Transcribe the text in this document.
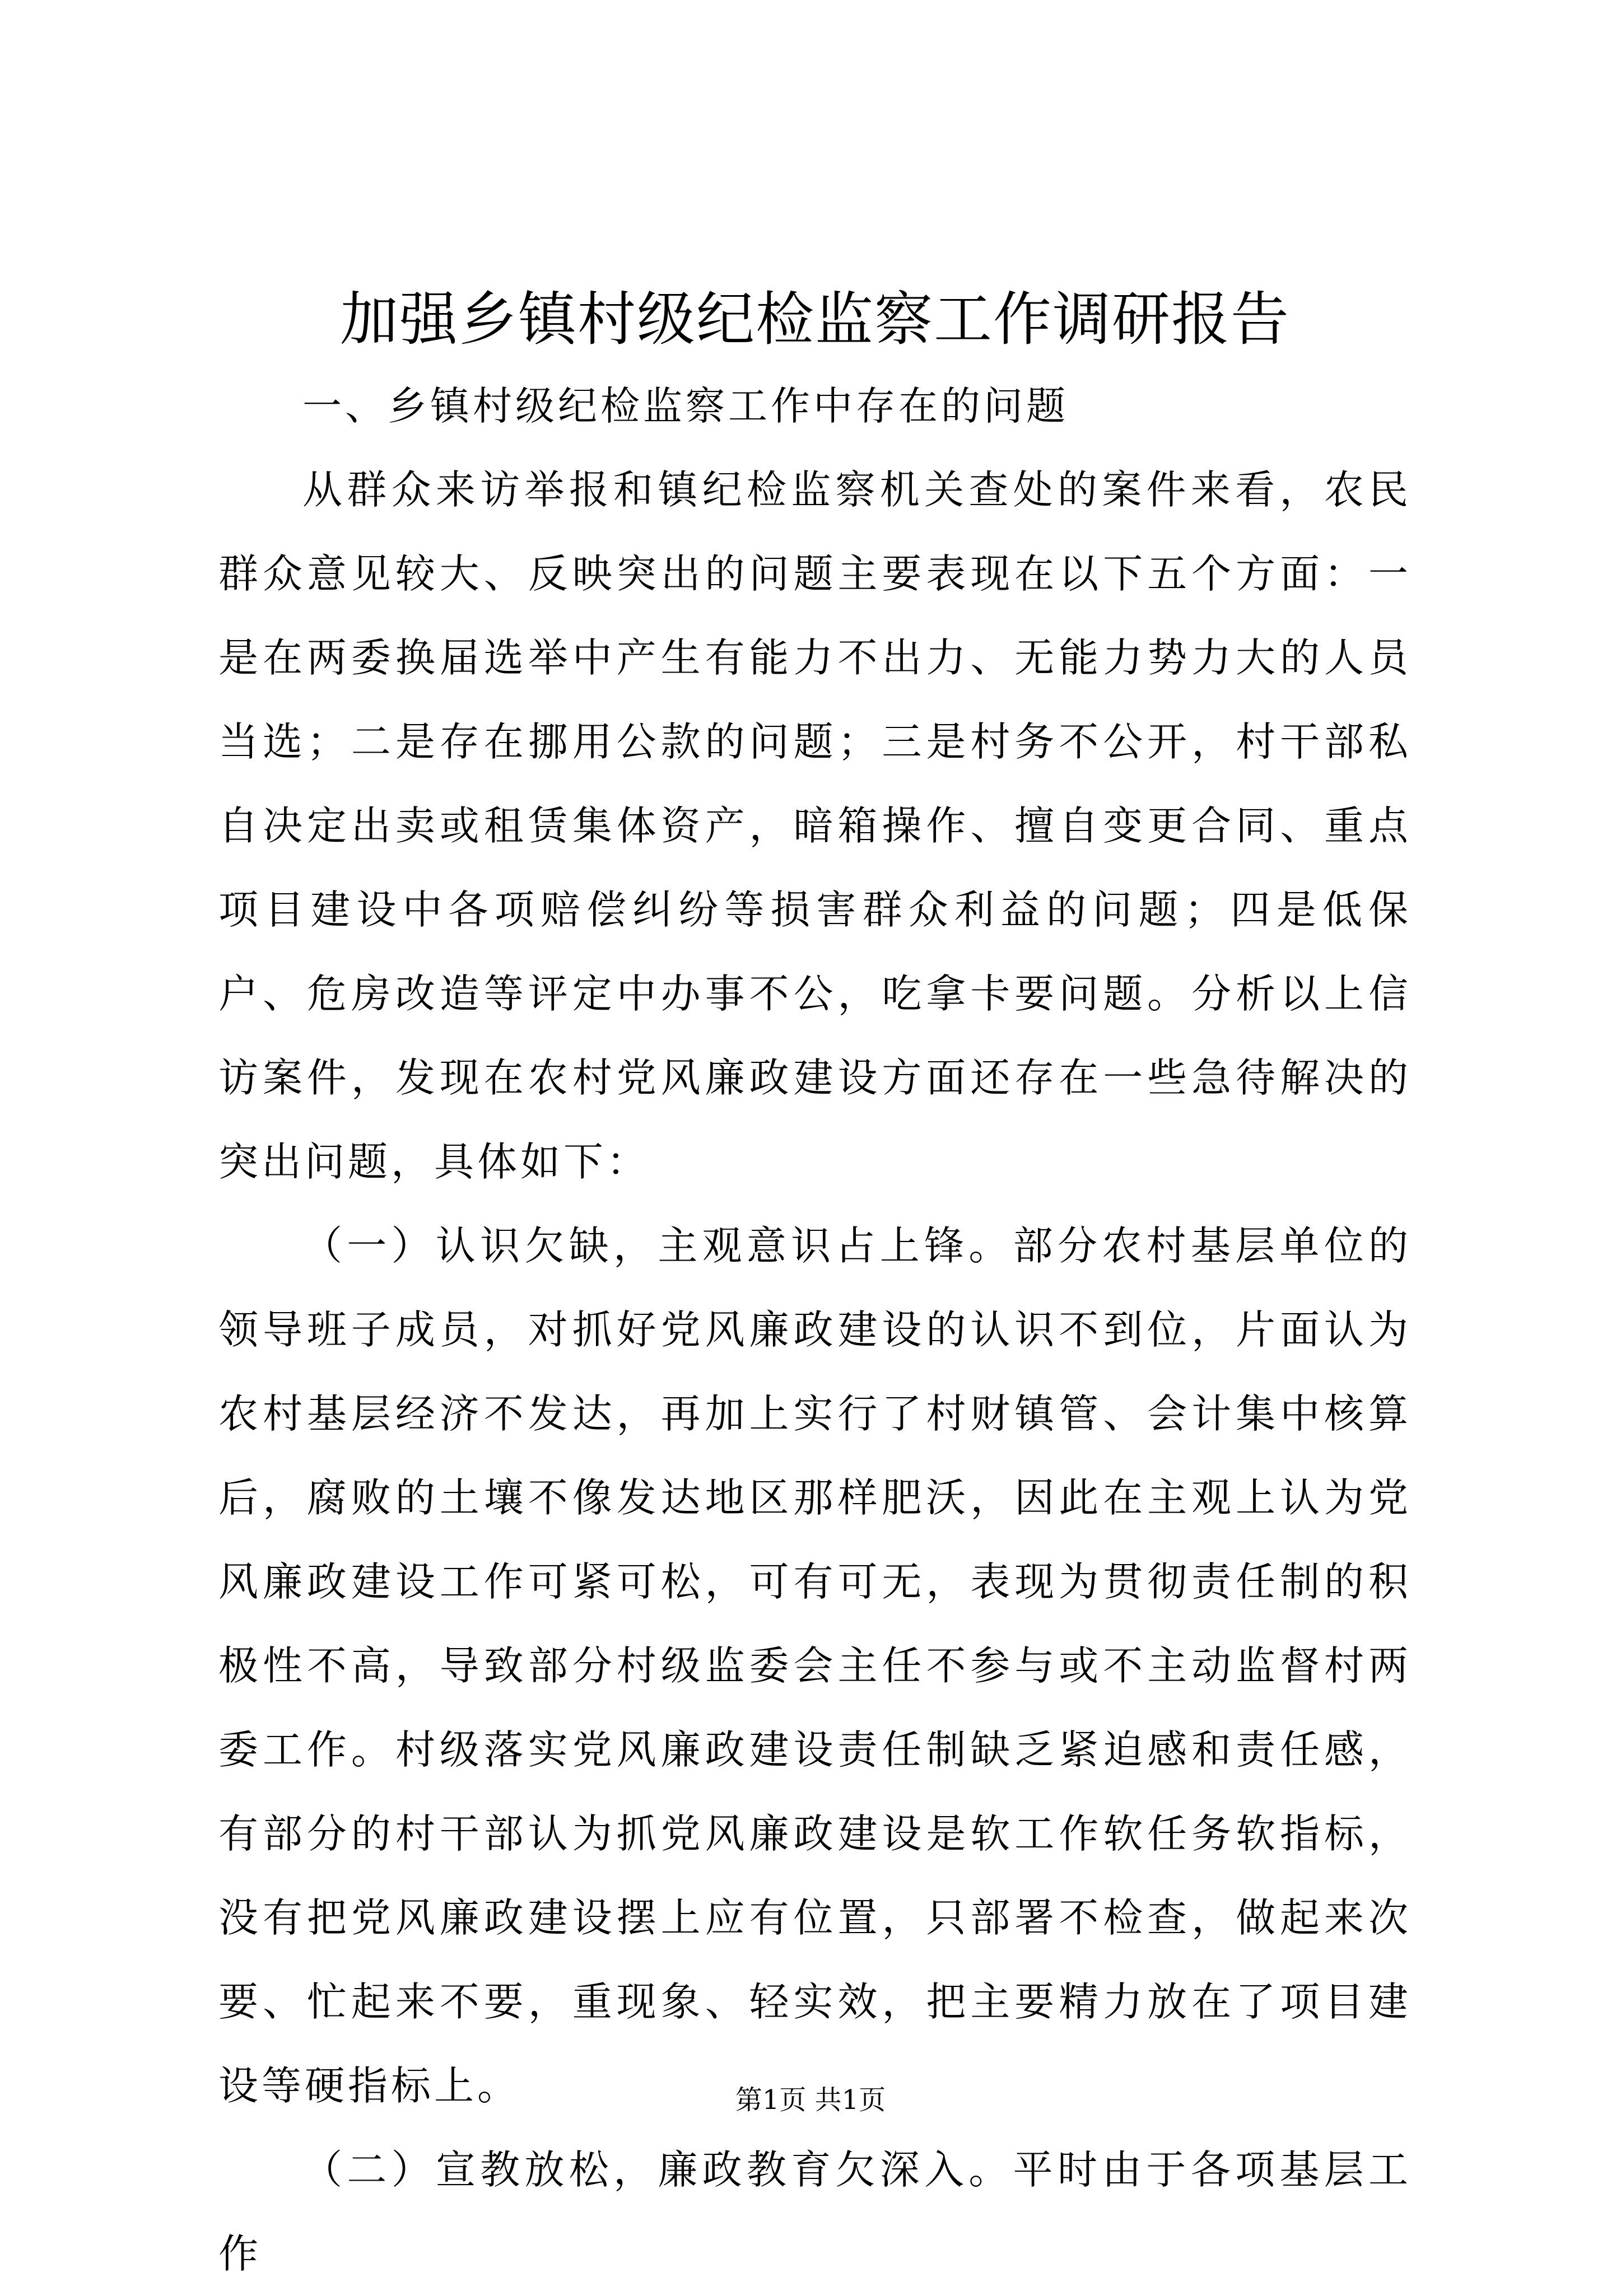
加强乡镇村级纪检监察工作调研报告

一、乡镇村级纪检监察工作中存在的问题

从群众来访举报和镇纪检监察机关查处的案件来看，农民群众意见较大、反映突出的问题主要表现在以下五个方面：一是在两委换届选举中产生有能力不出力、无能力势力大的人员当选；二是存在挪用公款的问题；三是村务不公开，村干部私自决定出卖或租赁集体资产，暗箱操作、擅自变更合同、重点项目建设中各项赔偿纠纷等损害群众利益的问题；四是低保户、危房改造等评定中办事不公，吃拿卡要问题。分析以上信访案件，发现在农村党风廉政建设方面还存在一些急待解决的突出问题，具体如下：

（一）认识欠缺，主观意识占上锋。部分农村基层单位的领导班子成员，对抓好党风廉政建设的认识不到位，片面认为农村基层经济不发达，再加上实行了村财镇管、会计集中核算后，腐败的土壤不像发达地区那样肥沃，因此在主观上认为党风廉政建设工作可紧可松，可有可无，表现为贯彻责任制的积极性不高，导致部分村级监委会主任不参与或不主动监督村两委工作。村级落实党风廉政建设责任制缺乏紧迫感和责任感，有部分的村干部认为抓党风廉政建设是软工作软任务软指标，没有把党风廉政建设摆上应有位置，只部署不检查，做起来次要、忙起来不要，重现象、轻实效，把主要精力放在了项目建设等硬指标上。

（二）宣教放松，廉政教育欠深入。平时由于各项基层工作

第1页 共1页
